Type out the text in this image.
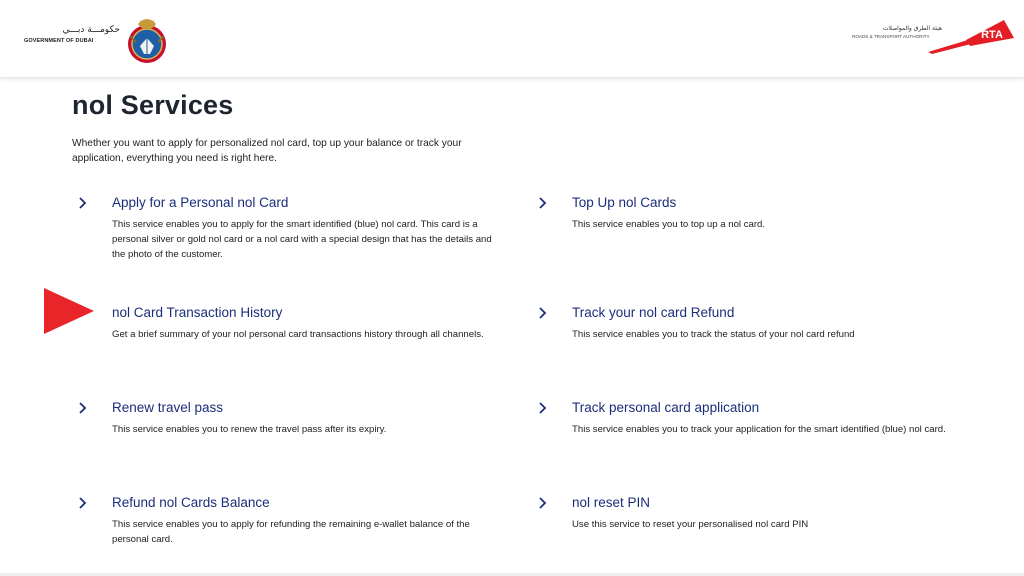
حكومـــة دبـــي
GOVERNMENT OF DUBAI
هيئة الطرق والمواصلات
ROADS & TRANSPORT AUTHORITY	RTA
nol Services

Whether you want to apply for personalized nol card, top up your balance or track your application, everything you need is right here.

Apply for a Personal nol Card

This service enables you to apply for the smart identified (blue) nol card. This card is a personal silver or gold nol card or a nol card with a special design that has the details and the photo of the customer.

Top Up nol Cards

This service enables you to top up a nol card.

nol Card Transaction History

Get a brief summary of your nol personal card transactions history through all channels.

Track your nol card Refund

This service enables you to track the status of your nol card refund

Renew travel pass

This service enables you to renew the travel pass after its expiry.

Track personal card application

This service enables you to track your application for the smart identified (blue) nol card.

Refund nol Cards Balance

This service enables you to apply for refunding the remaining e-wallet balance of the personal card.

nol reset PIN

Use this service to reset your personalised nol card PIN
